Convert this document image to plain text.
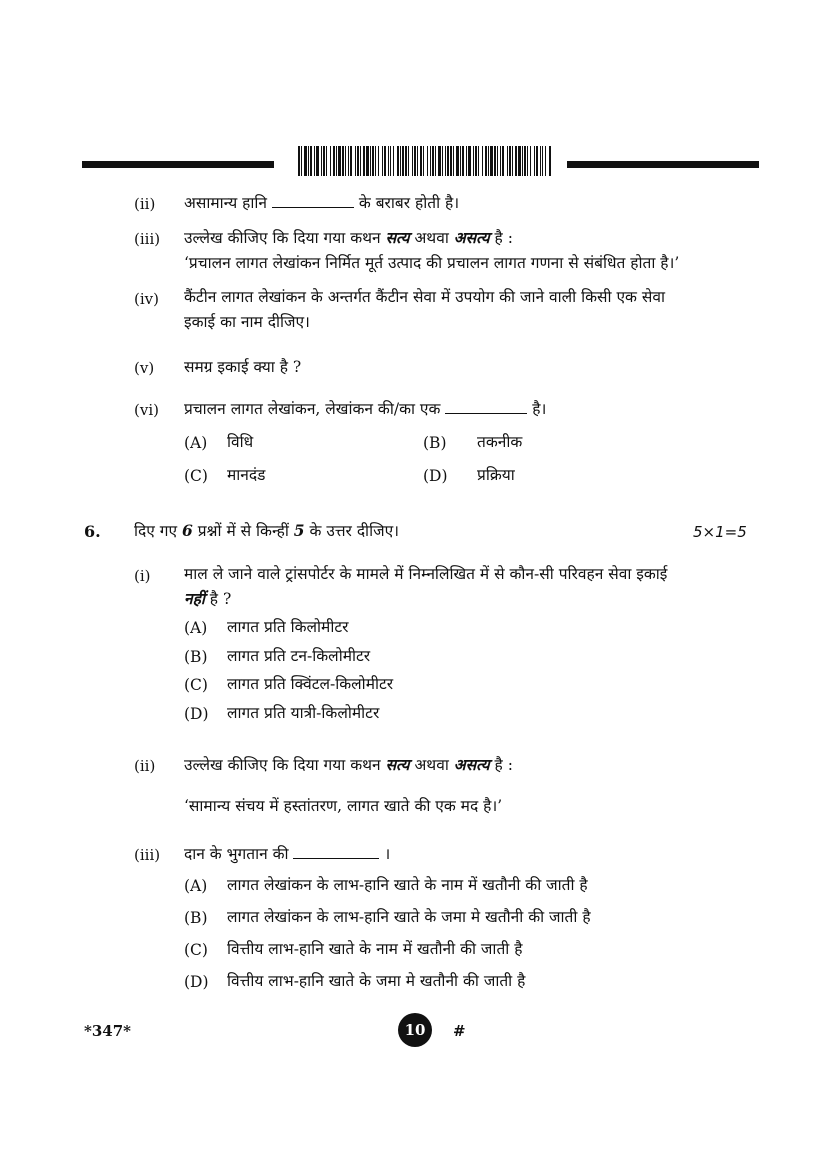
(ii) असामान्य हानि	के बराबर होती है।
(iii) उल्लेख कीजिए कि दिया गया कथन सत्य अथवा असत्य है :
‘प्रचालन लागत लेखांकन निर्मित मूर्त उत्पाद की प्रचालन लागत गणना से संबंधित होता है।’
(iv) कैंटीन लागत लेखांकन के अन्तर्गत कैंटीन सेवा में उपयोग की जाने वाली किसी एक सेवा
इकाई का नाम दीजिए।
(v) समग्र इकाई क्या है ?
(vi) प्रचालन लागत लेखांकन, लेखांकन की/का एक	है।
(A) विधि	(B) तकनीक
(C) मानदंड	(D) प्रक्रिया
6. दिए गए 6 प्रश्नों में से किन्हीं 5 के उत्तर दीजिए।	5×1=5
(i) माल ले जाने वाले ट्रांसपोर्टर के मामले में निम्नलिखित में से कौन-सी परिवहन सेवा इकाई
नहीं है ?
(A) लागत प्रति किलोमीटर
(B) लागत प्रति टन-किलोमीटर
(C) लागत प्रति क्विंटल-किलोमीटर
(D) लागत प्रति यात्री-किलोमीटर
(ii) उल्लेख कीजिए कि दिया गया कथन सत्य अथवा असत्य है :
‘सामान्य संचय में हस्तांतरण, लागत खाते की एक मद है।’
(iii) दान के भुगतान की	।
(A) लागत लेखांकन के लाभ-हानि खाते के नाम में खतौनी की जाती है
(B) लागत लेखांकन के लाभ-हानि खाते के जमा मे खतौनी की जाती है
(C) वित्तीय लाभ-हानि खाते के नाम में खतौनी की जाती है
(D) वित्तीय लाभ-हानि खाते के जमा मे खतौनी की जाती है
*347*	10	#
